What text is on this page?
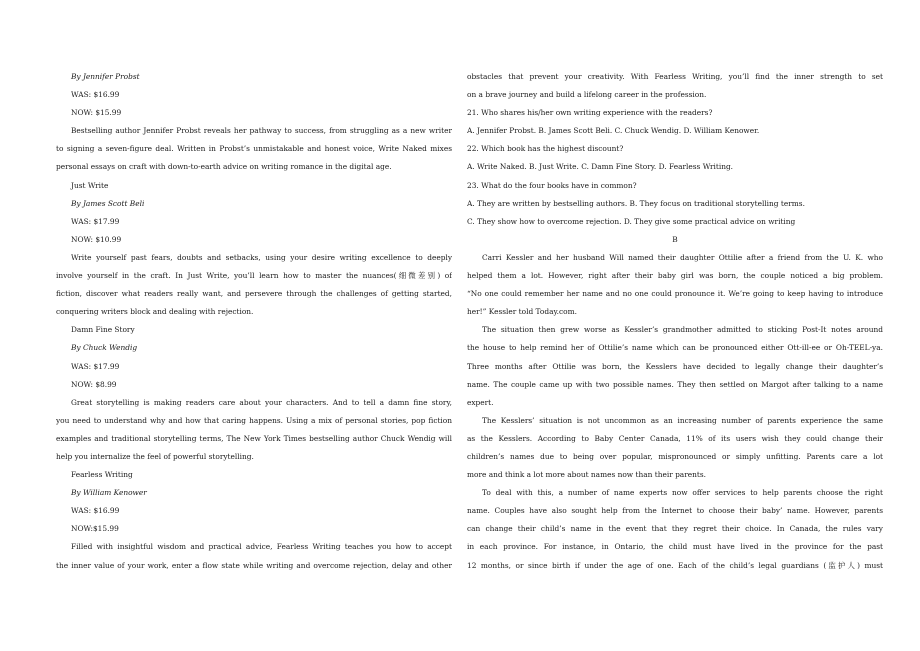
By Jennifer Probst
WAS: $16.99
NOW: $15.99
Bestselling author Jennifer Probst reveals her pathway to success, from struggling as a new writer
to signing a seven-figure deal. Written in Probst’s unmistakable and honest voice, Write Naked mixes
personal essays on craft with down-to-earth advice on writing romance in the digital age.
Just Write
By James Scott Beli
WAS: $17.99
NOW: $10.99
Write yourself past fears, doubts and setbacks, using your desire writing excellence to deeply
involve yourself in the craft. In Just Write, you’ll learn how to master the nuances(细微差别) of
fiction, discover what readers really want, and persevere through the challenges of getting started,
conquering writers block and dealing with rejection.
Damn Fine Story
By Chuck Wendig
WAS: $17.99
NOW: $8.99
Great storytelling is making readers care about your characters. And to tell a damn fine story,
you need to understand why and how that caring happens. Using a mix of personal stories, pop fiction
examples and traditional storytelling terms, The New York Times bestselling author Chuck Wendig will
help you internalize the feel of powerful storytelling.
Fearless Writing
By William Kenower
WAS: $16.99
NOW:$15.99
Filled with insightful wisdom and practical advice, Fearless Writing teaches you how to accept
the inner value of your work, enter a flow state while writing and overcome rejection, delay and other
obstacles that prevent your creativity. With Fearless Writing, you’ll find the inner strength to set
on a brave journey and build a lifelong career in the profession.
21. Who shares his/her own writing experience with the readers?
A. Jennifer Probst. B. James Scott Beli. C. Chuck Wendig. D. William Kenower.
22. Which book has the highest discount?
A. Write Naked. B. Just Write. C. Damn Fine Story. D. Fearless Writing.
23. What do the four books have in common?
A. They are written by bestselling authors. B. They focus on traditional storytelling terms.
C. They show how to overcome rejection. D. They give some practical advice on writing
B
Carri Kessler and her husband Will named their daughter Ottilie after a friend from the U. K. who
helped them a lot. However, right after their baby girl was born, the couple noticed a big problem.
“No one could remember her name and no one could pronounce it. We’re going to keep having to introduce
her!” Kessler told Today.com.
The situation then grew worse as Kessler’s grandmother admitted to sticking Post-It notes around
the house to help remind her of Ottilie’s name which can be pronounced either Ott-ill-ee or Oh-TEEL-ya.
Three months after Ottilie was born, the Kesslers have decided to legally change their daughter’s
name. The couple came up with two possible names. They then settled on Margot after talking to a name
expert.
The Kesslers’ situation is not uncommon as an increasing number of parents experience the same
as the Kesslers. According to Baby Center Canada, 11% of its users wish they could change their
children’s names due to being over popular, mispronounced or simply unfitting. Parents care a lot
more and think a lot more about names now than their parents.
To deal with this, a number of name experts now offer services to help parents choose the right
name. Couples have also sought help from the Internet to choose their baby’ name. However, parents
can change their child’s name in the event that they regret their choice. In Canada, the rules vary
in each province. For instance, in Ontario, the child must have lived in the province for the past
12 months, or since birth if under the age of one. Each of the child’s legal guardians (监护人) must
